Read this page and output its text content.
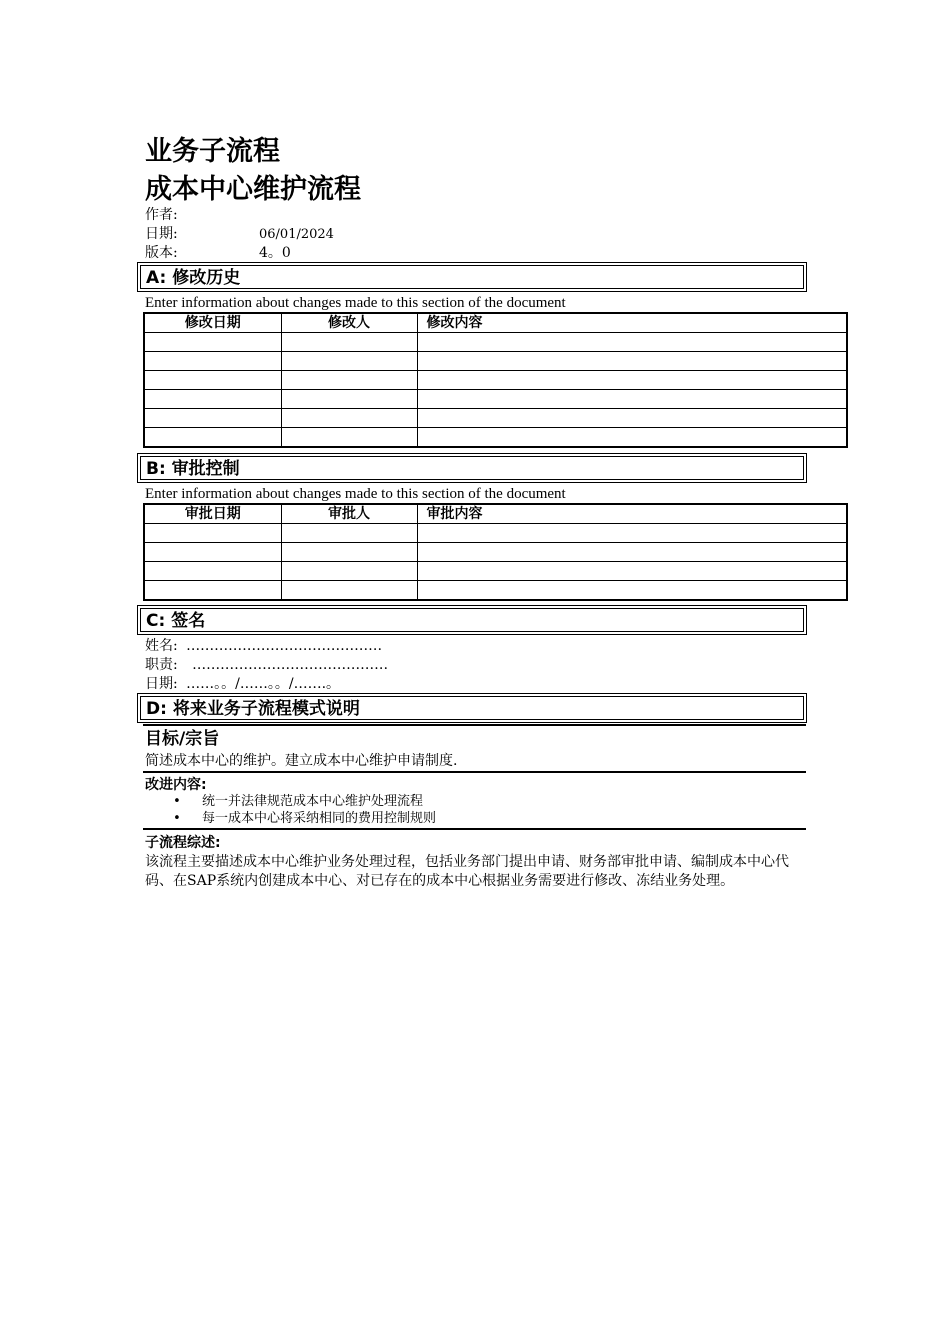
业务子流程
成本中心维护流程
作者:
日期:	06/01/2024
版本:	4。0
A: 修改历史
Enter information about changes made to this section of the document
修改日期	修改人	修改内容

B: 审批控制
Enter information about changes made to this section of the document
审批日期	审批人	审批内容

C: 签名
姓名: ……………………………………
职责: ……………………………………
日期: ……。。/……。。/…….。
D: 将来业务子流程模式说明
目标/宗旨
简述成本中心的维护。建立成本中心维护申请制度.
改进内容:
• 统一并法律规范成本中心维护处理流程
• 每一成本中心将采纳相同的费用控制规则
子流程综述:
该流程主要描述成本中心维护业务处理过程，包括业务部门提出申请、财务部审批申请、编制成本中心代码、在SAP系统内创建成本中心、对已存在的成本中心根据业务需要进行修改、冻结业务处理。
